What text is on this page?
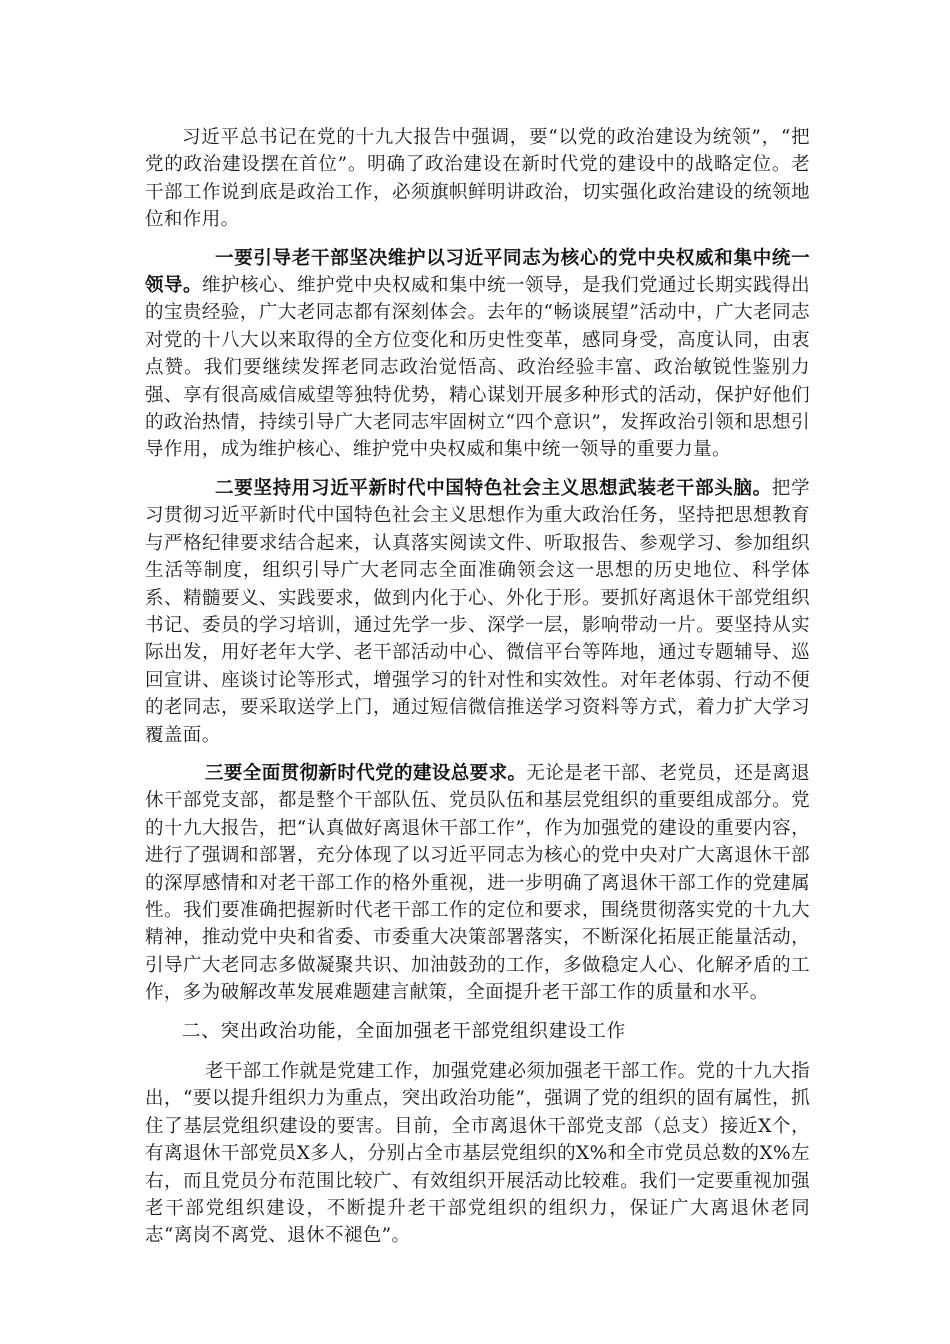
习近平总书记在党的十九大报告中强调，要“以党的政治建设为统领”，“把党的政治建设摆在首位”。明确了政治建设在新时代党的建设中的战略定位。老干部工作说到底是政治工作，必须旗帜鲜明讲政治，切实强化政治建设的统领地位和作用。

一要引导老干部坚决维护以习近平同志为核心的党中央权威和集中统一领导。维护核心、维护党中央权威和集中统一领导，是我们党通过长期实践得出的宝贵经验，广大老同志都有深刻体会。去年的“畅谈展望”活动中，广大老同志对党的十八大以来取得的全方位变化和历史性变革，感同身受，高度认同，由衷点赞。我们要继续发挥老同志政治觉悟高、政治经验丰富、政治敏锐性鉴别力强、享有很高威信威望等独特优势，精心谋划开展多种形式的活动，保护好他们的政治热情，持续引导广大老同志牢固树立“四个意识”，发挥政治引领和思想引导作用，成为维护核心、维护党中央权威和集中统一领导的重要力量。

二要坚持用习近平新时代中国特色社会主义思想武装老干部头脑。把学习贯彻习近平新时代中国特色社会主义思想作为重大政治任务，坚持把思想教育与严格纪律要求结合起来，认真落实阅读文件、听取报告、参观学习、参加组织生活等制度，组织引导广大老同志全面准确领会这一思想的历史地位、科学体系、精髓要义、实践要求，做到内化于心、外化于形。要抓好离退休干部党组织书记、委员的学习培训，通过先学一步、深学一层，影响带动一片。要坚持从实际出发，用好老年大学、老干部活动中心、微信平台等阵地，通过专题辅导、巡回宣讲、座谈讨论等形式，增强学习的针对性和实效性。对年老体弱、行动不便的老同志，要采取送学上门，通过短信微信推送学习资料等方式，着力扩大学习覆盖面。

三要全面贯彻新时代党的建设总要求。无论是老干部、老党员，还是离退休干部党支部，都是整个干部队伍、党员队伍和基层党组织的重要组成部分。党的十九大报告，把“认真做好离退休干部工作”，作为加强党的建设的重要内容，进行了强调和部署，充分体现了以习近平同志为核心的党中央对广大离退休干部的深厚感情和对老干部工作的格外重视，进一步明确了离退休干部工作的党建属性。我们要准确把握新时代老干部工作的定位和要求，围绕贯彻落实党的十九大精神，推动党中央和省委、市委重大决策部署落实，不断深化拓展正能量活动，引导广大老同志多做凝聚共识、加油鼓劲的工作，多做稳定人心、化解矛盾的工作，多为破解改革发展难题建言献策，全面提升老干部工作的质量和水平。

二、突出政治功能，全面加强老干部党组织建设工作

老干部工作就是党建工作，加强党建必须加强老干部工作。党的十九大指出，“要以提升组织力为重点，突出政治功能”，强调了党的组织的固有属性，抓住了基层党组织建设的要害。目前，全市离退休干部党支部（总支）接近X个，有离退休干部党员X多人，分别占全市基层党组织的X%和全市党员总数的X%左右，而且党员分布范围比较广、有效组织开展活动比较难。我们一定要重视加强老干部党组织建设，不断提升老干部党组织的组织力，保证广大离退休老同志“离岗不离党、退休不褪色”。
